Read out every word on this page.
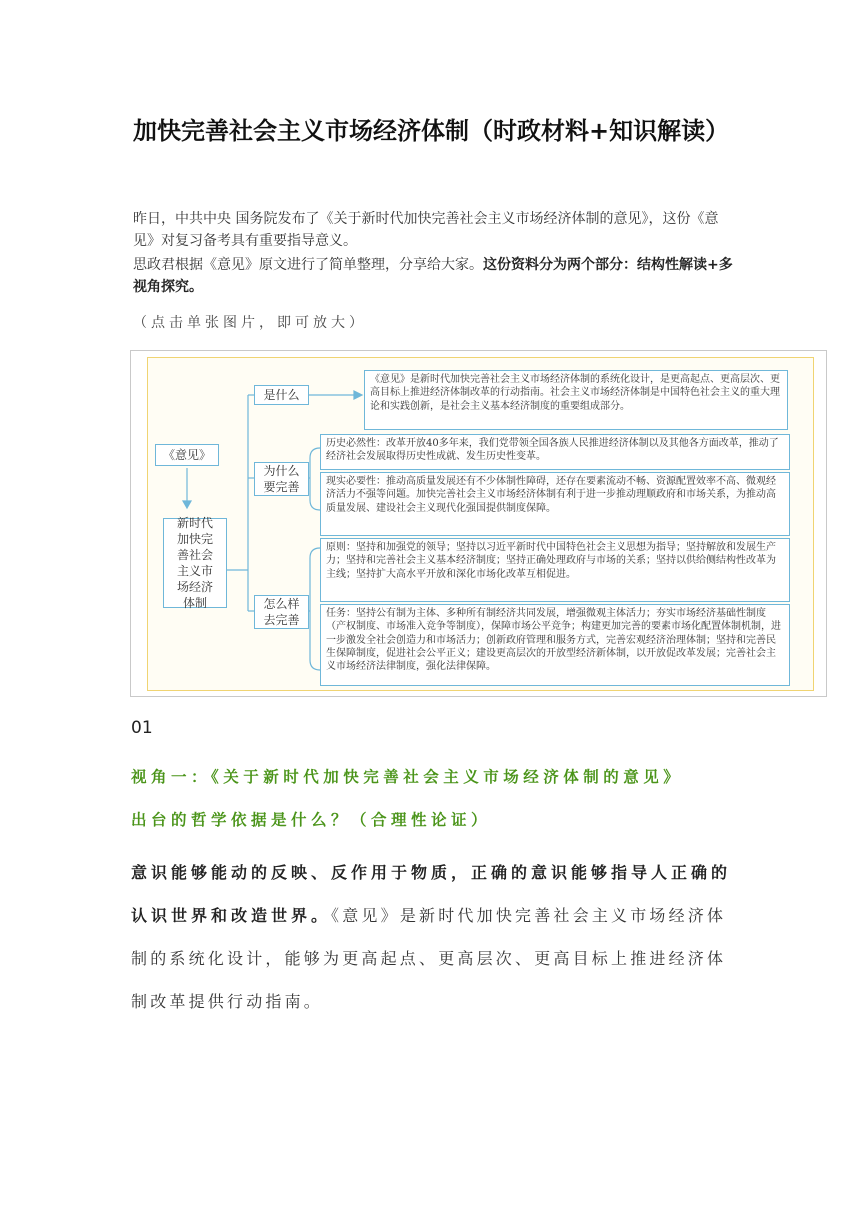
加快完善社会主义市场经济体制（时政材料+知识解读）

昨日，中共中央 国务院发布了《关于新时代加快完善社会主义市场经济体制的意见》，这份《意见》对复习备考具有重要指导意义。

思政君根据《意见》原文进行了简单整理，分享给大家。这份资料分为两个部分：结构性解读+多视角探究。

（点击单张图片，即可放大）
《意见》
新时代加快完善社会主义市场经济体制
是什么
为什么要完善
怎么样去完善
《意见》是新时代加快完善社会主义市场经济体制的系统化设计，是更高起点、更高层次、更高目标上推进经济体制改革的行动指南。社会主义市场经济体制是中国特色社会主义的重大理论和实践创新，是社会主义基本经济制度的重要组成部分。
历史必然性：改革开放40多年来，我们党带领全国各族人民推进经济体制以及其他各方面改革，推动了经济社会发展取得历史性成就、发生历史性变革。
现实必要性：推动高质量发展还有不少体制性障碍，还存在要素流动不畅、资源配置效率不高、微观经济活力不强等问题。加快完善社会主义市场经济体制有利于进一步推动理顺政府和市场关系，为推动高质量发展、建设社会主义现代化强国提供制度保障。
原则：坚持和加强党的领导；坚持以习近平新时代中国特色社会主义思想为指导；坚持解放和发展生产力；坚持和完善社会主义基本经济制度；坚持正确处理政府与市场的关系；坚持以供给侧结构性改革为主线；坚持扩大高水平开放和深化市场化改革互相促进。
任务：坚持公有制为主体、多种所有制经济共同发展，增强微观主体活力；夯实市场经济基础性制度（产权制度、市场准入竞争等制度），保障市场公平竞争；构建更加完善的要素市场化配置体制机制，进一步激发全社会创造力和市场活力；创新政府管理和服务方式，完善宏观经济治理体制；坚持和完善民生保障制度，促进社会公平正义；建设更高层次的开放型经济新体制，以开放促改革发展；完善社会主义市场经济法律制度，强化法律保障。
01
视角一：《关于新时代加快完善社会主义市场经济体制的意见》
出台的哲学依据是什么？（合理性论证）

意识能够能动的反映、反作用于物质，正确的意识能够指导人正确的认识世界和改造世界。《意见》是新时代加快完善社会主义市场经济体制的系统化设计，能够为更高起点、更高层次、更高目标上推进经济体制改革提供行动指南。
